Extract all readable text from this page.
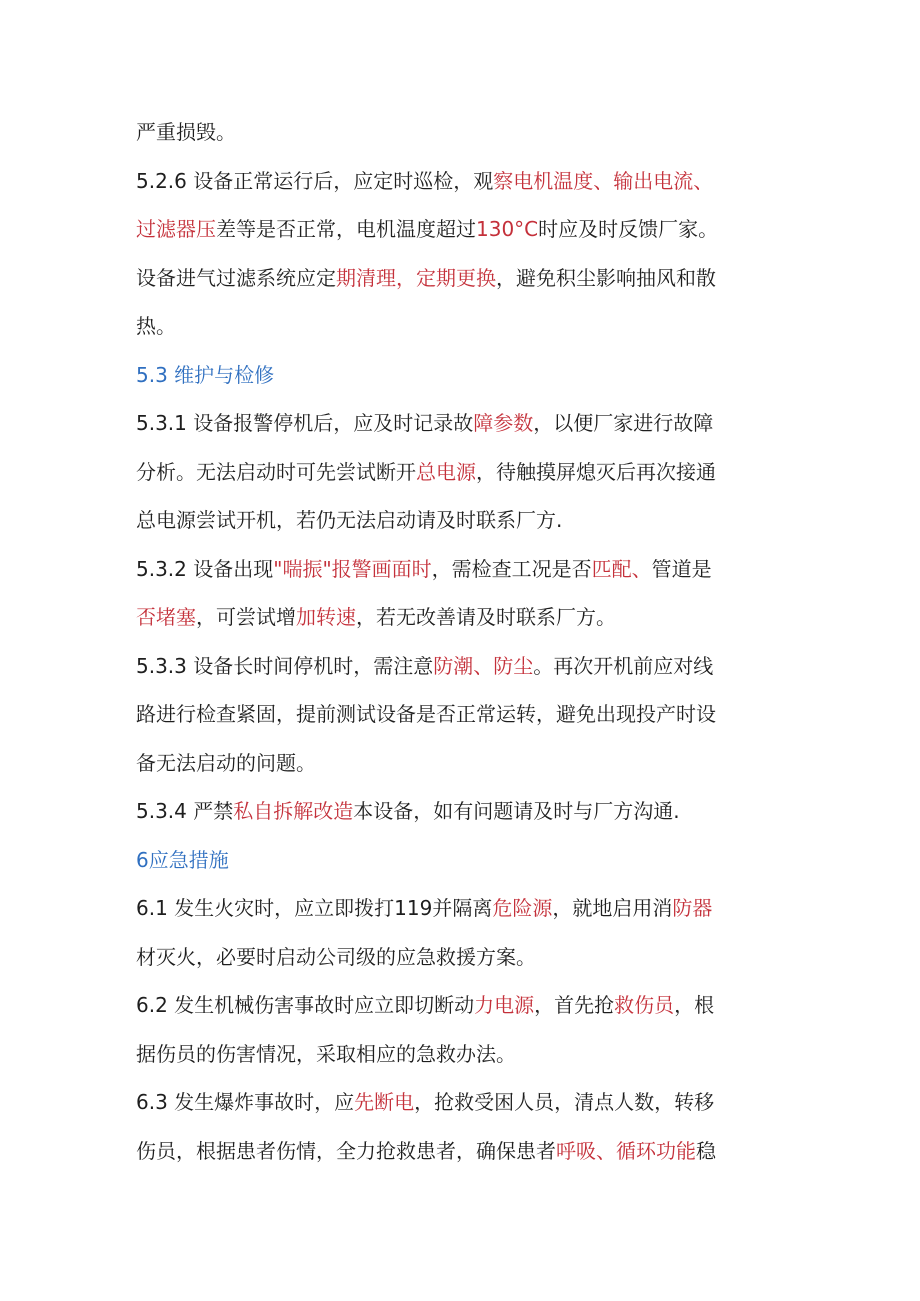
严重损毁。
5.2.6 设备正常运行后，应定时巡检，观察电机温度、输出电流、
过滤器压差等是否正常，电机温度超过130°C时应及时反馈厂家。
设备进气过滤系统应定期清理，定期更换，避免积尘影响抽风和散
热。
5.3 维护与检修
5.3.1 设备报警停机后，应及时记录故障参数，以便厂家进行故障
分析。无法启动时可先尝试断开总电源，待触摸屏熄灭后再次接通
总电源尝试开机，若仍无法启动请及时联系厂方.
5.3.2 设备出现"喘振"报警画面时，需检查工况是否匹配、管道是
否堵塞，可尝试增加转速，若无改善请及时联系厂方。
5.3.3 设备长时间停机时，需注意防潮、防尘。再次开机前应对线
路进行检查紧固，提前测试设备是否正常运转，避免出现投产时设
备无法启动的问题。
5.3.4 严禁私自拆解改造本设备，如有问题请及时与厂方沟通.
6应急措施
6.1 发生火灾时，应立即拨打119并隔离危险源，就地启用消防器
材灭火，必要时启动公司级的应急救援方案。
6.2 发生机械伤害事故时应立即切断动力电源，首先抢救伤员，根
据伤员的伤害情况，采取相应的急救办法。
6.3 发生爆炸事故时，应先断电，抢救受困人员，清点人数，转移
伤员，根据患者伤情，全力抢救患者，确保患者呼吸、循环功能稳
